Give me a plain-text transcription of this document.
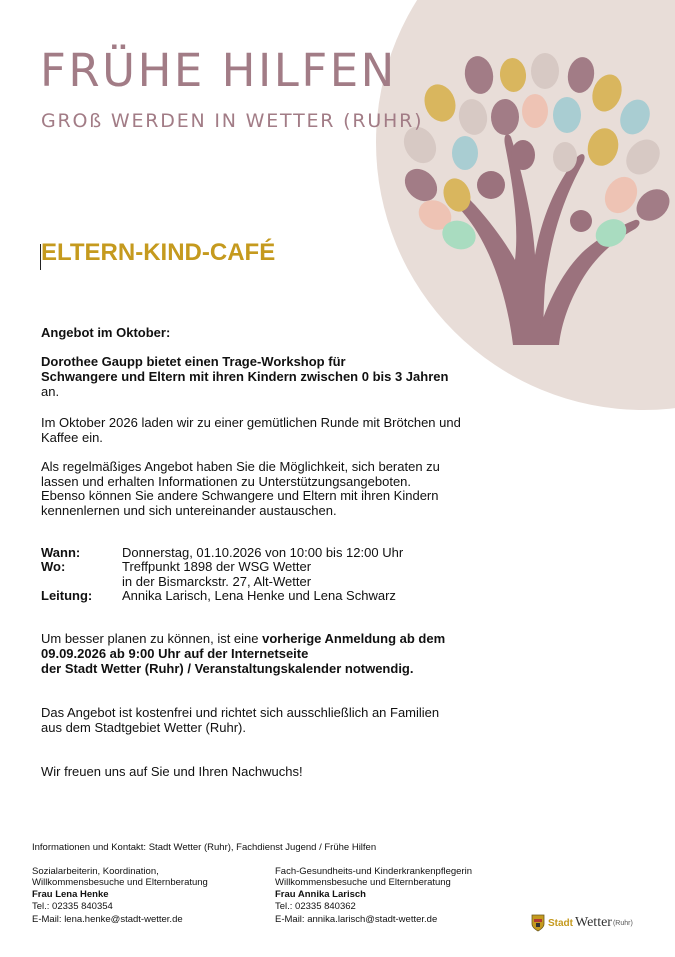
FRÜHE HILFEN
GROß WERDEN IN WETTER (RUHR)
ELTERN-KIND-CAFÉ
Angebot im Oktober:
Dorothee Gaupp bietet einen Trage-Workshop für
Schwangere und Eltern mit ihren Kindern zwischen 0 bis 3 Jahren
an.
Im Oktober 2026 laden wir zu einer gemütlichen Runde mit Brötchen und
Kaffee ein.
Als regelmäßiges Angebot haben Sie die Möglichkeit, sich beraten zu
lassen und erhalten Informationen zu Unterstützungsangeboten.
Ebenso können Sie andere Schwangere und Eltern mit ihren Kindern
kennenlernen und sich untereinander austauschen.
Wann:	Donnerstag, 01.10.2026 von 10:00 bis 12:00 Uhr
Wo:	Treffpunkt 1898 der WSG Wetter
in der Bismarckstr. 27, Alt-Wetter
Leitung: Annika Larisch, Lena Henke und Lena Schwarz
Um besser planen zu können, ist eine vorherige Anmeldung ab dem
09.09.2026 ab 9:00 Uhr auf der Internetseite
der Stadt Wetter (Ruhr) / Veranstaltungskalender notwendig.
Das Angebot ist kostenfrei und richtet sich ausschließlich an Familien
aus dem Stadtgebiet Wetter (Ruhr).
Wir freuen uns auf Sie und Ihren Nachwuchs!
Informationen und Kontakt: Stadt Wetter (Ruhr), Fachdienst Jugend / Frühe Hilfen
Sozialarbeiterin, Koordination,
Willkommensbesuche und Elternberatung
Frau Lena Henke
Tel.: 02335 840354
E-Mail: lena.henke@stadt-wetter.de
Fach-Gesundheits-und Kinderkrankenpflegerin
Willkommensbesuche und Elternberatung
Frau Annika Larisch
Tel.: 02335 840362
E-Mail: annika.larisch@stadt-wetter.de	Stadt Wetter (Ruhr)
